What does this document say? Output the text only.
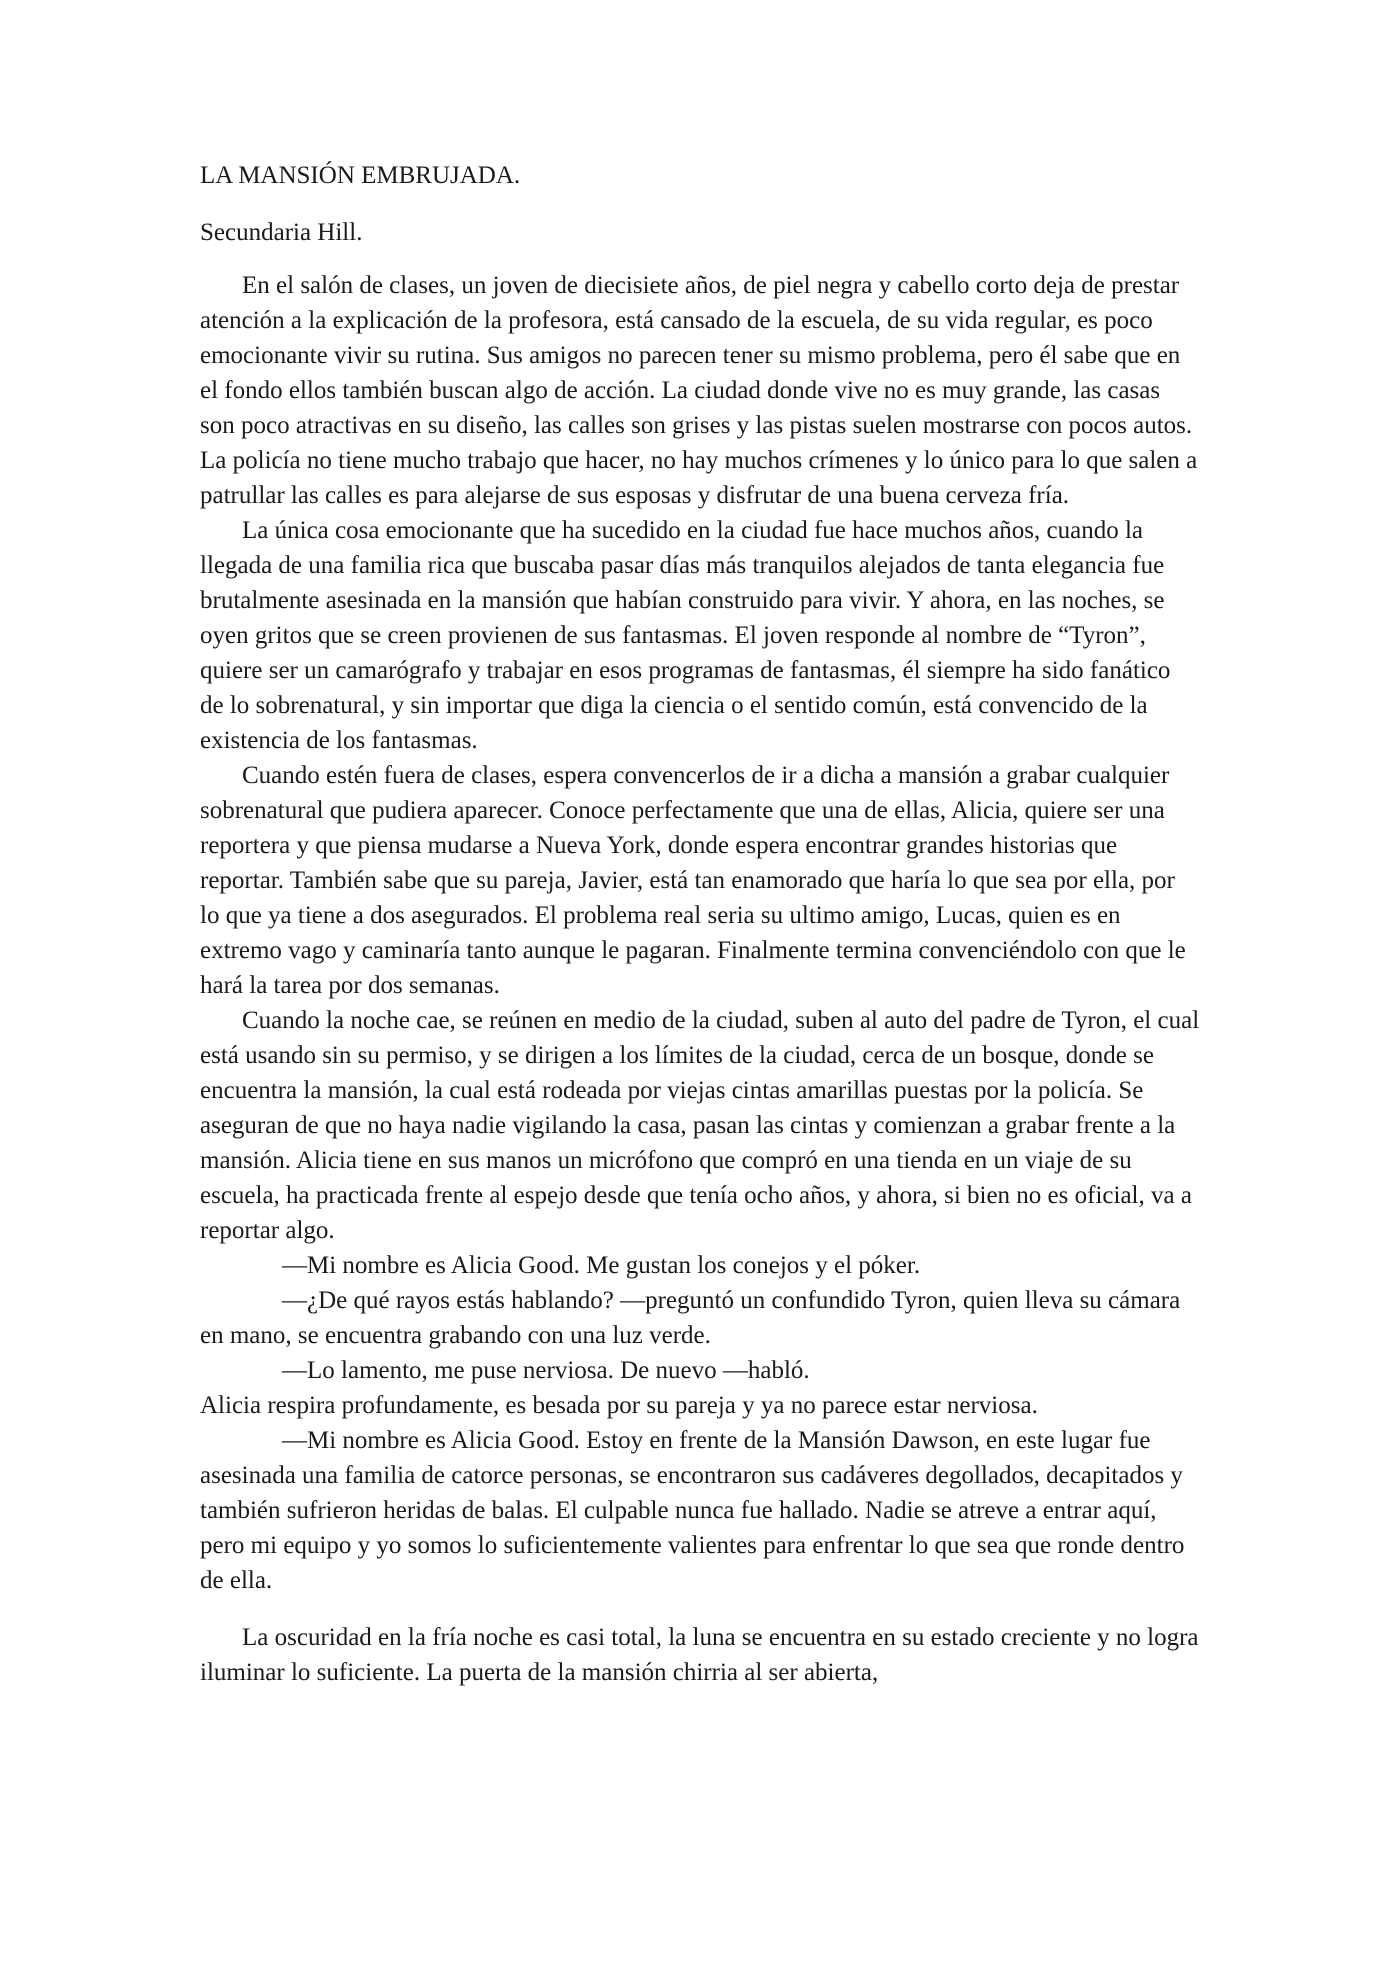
LA MANSIÓN EMBRUJADA.

Secundaria Hill.

En el salón de clases, un joven de diecisiete años, de piel negra y cabello corto deja de prestar atención a la explicación de la profesora, está cansado de la escuela, de su vida regular, es poco emocionante vivir su rutina. Sus amigos no parecen tener su mismo problema, pero él sabe que en el fondo ellos también buscan algo de acción. La ciudad donde vive no es muy grande, las casas son poco atractivas en su diseño, las calles son grises y las pistas suelen mostrarse con pocos autos. La policía no tiene mucho trabajo que hacer, no hay muchos crímenes y lo único para lo que salen a patrullar las calles es para alejarse de sus esposas y disfrutar de una buena cerveza fría.

La única cosa emocionante que ha sucedido en la ciudad fue hace muchos años, cuando la llegada de una familia rica que buscaba pasar días más tranquilos alejados de tanta elegancia fue brutalmente asesinada en la mansión que habían construido para vivir. Y ahora, en las noches, se oyen gritos que se creen provienen de sus fantasmas. El joven responde al nombre de “Tyron”, quiere ser un camarógrafo y trabajar en esos programas de fantasmas, él siempre ha sido fanático de lo sobrenatural, y sin importar que diga la ciencia o el sentido común, está convencido de la existencia de los fantasmas.

Cuando estén fuera de clases, espera convencerlos de ir a dicha a mansión a grabar cualquier sobrenatural que pudiera aparecer. Conoce perfectamente que una de ellas, Alicia, quiere ser una reportera y que piensa mudarse a Nueva York, donde espera encontrar grandes historias que reportar. También sabe que su pareja, Javier, está tan enamorado que haría lo que sea por ella, por lo que ya tiene a dos asegurados. El problema real seria su ultimo amigo, Lucas, quien es en extremo vago y caminaría tanto aunque le pagaran. Finalmente termina convenciéndolo con que le hará la tarea por dos semanas.

Cuando la noche cae, se reúnen en medio de la ciudad, suben al auto del padre de Tyron, el cual está usando sin su permiso, y se dirigen a los límites de la ciudad, cerca de un bosque, donde se encuentra la mansión, la cual está rodeada por viejas cintas amarillas puestas por la policía. Se aseguran de que no haya nadie vigilando la casa, pasan las cintas y comienzan a grabar frente a la mansión. Alicia tiene en sus manos un micrófono que compró en una tienda en un viaje de su escuela, ha practicada frente al espejo desde que tenía ocho años, y ahora, si bien no es oficial, va a reportar algo.

—Mi nombre es Alicia Good. Me gustan los conejos y el póker.

—¿De qué rayos estás hablando? —preguntó un confundido Tyron, quien lleva su cámara en mano, se encuentra grabando con una luz verde.

—Lo lamento, me puse nerviosa. De nuevo —habló.

Alicia respira profundamente, es besada por su pareja y ya no parece estar nerviosa.

—Mi nombre es Alicia Good. Estoy en frente de la Mansión Dawson, en este lugar fue asesinada una familia de catorce personas, se encontraron sus cadáveres degollados, decapitados y también sufrieron heridas de balas. El culpable nunca fue hallado. Nadie se atreve a entrar aquí, pero mi equipo y yo somos lo suficientemente valientes para enfrentar lo que sea que ronde dentro de ella.

La oscuridad en la fría noche es casi total, la luna se encuentra en su estado creciente y no logra iluminar lo suficiente. La puerta de la mansión chirria al ser abierta,
